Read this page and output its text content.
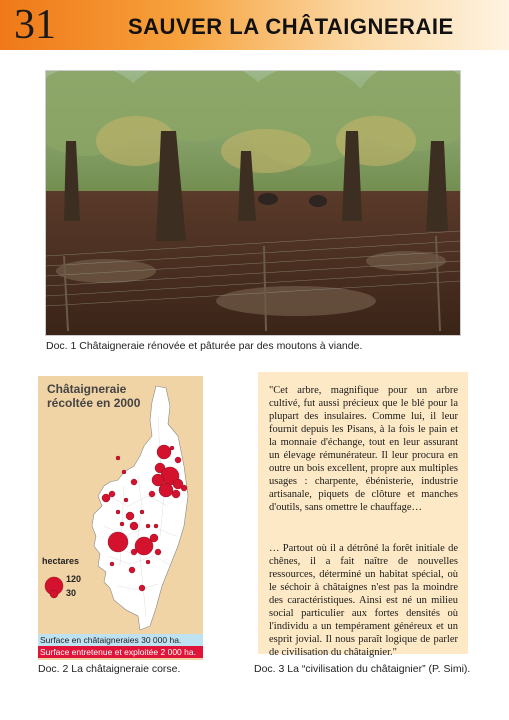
31	SAUVER LA CHÂTAIGNERAIE
Doc. 1 Châtaigneraie rénovée et pâturée par des moutons à viande.
Châtaigneraie récoltée en 2000
hectares
120
30
Surface en châtaigneraies 30 000 ha.
Surface entretenue et exploitée 2 000 ha.
Doc. 2 La châtaigneraie corse.

"Cet arbre, magnifique pour un arbre cultivé, fut aussi précieux que le blé pour la plupart des insulaires. Comme lui, il leur fournit depuis les Pisans, à la fois le pain et la monnaie d'échange, tout en leur assurant un élevage rémunérateur. Il leur procura en outre un bois excellent, propre aux multiples usages : charpente, ébénisterie, industrie artisanale, piquets de clôture et manches d'outils, sans omettre le chauffage…

… Partout où il a détrôné la forêt initiale de chênes, il a fait naître de nouvelles ressources, déterminé un habitat spécial, où le séchoir à châtaignes n'est pas la moindre des caractéristiques. Ainsi est né un milieu social particulier aux fortes densités où l'individu a un tempérament généreux et un esprit jovial. Il nous paraît logique de parler de civilisation du châtaignier."

Doc. 3 La “civilisation du châtaignier” (P. Simi).
